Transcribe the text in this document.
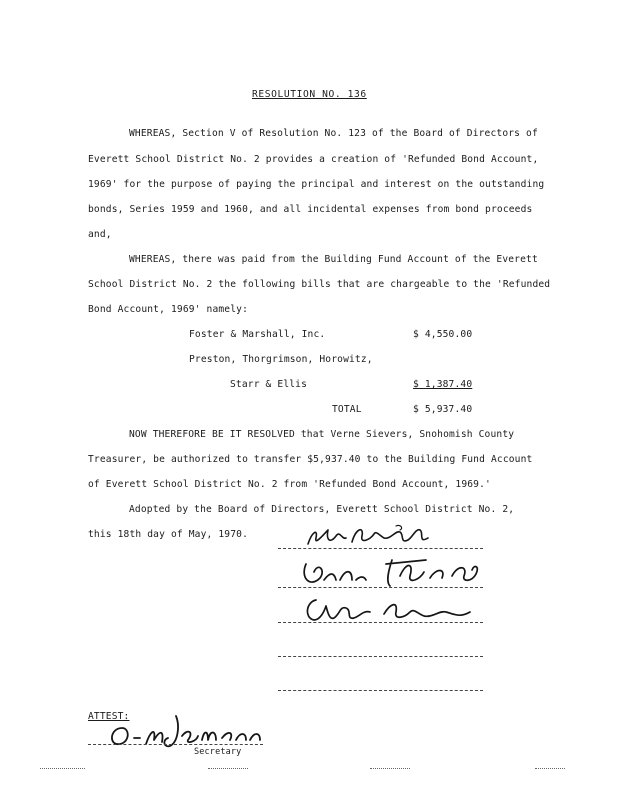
RESOLUTION NO. 136
WHEREAS, Section V of Resolution No. 123 of the Board of Directors of
Everett School District No. 2 provides a creation of 'Refunded Bond Account,
1969' for the purpose of paying the principal and interest on the outstanding
bonds, Series 1959 and 1960, and all incidental expenses from bond proceeds
and,
WHEREAS, there was paid from the Building Fund Account of the Everett
School District No. 2 the following bills that are chargeable to the 'Refunded
Bond Account, 1969' namely:
Foster & Marshall, Inc.	$ 4,550.00
Preston, Thorgrimson, Horowitz,
Starr & Ellis	$ 1,387.40
TOTAL	$ 5,937.40
NOW THEREFORE BE IT RESOLVED that Verne Sievers, Snohomish County
Treasurer, be authorized to transfer $5,937.40 to the Building Fund Account
of Everett School District No. 2 from 'Refunded Bond Account, 1969.'
Adopted by the Board of Directors, Everett School District No. 2,
this 18th day of May, 1970.
ATTEST:
Secretary
